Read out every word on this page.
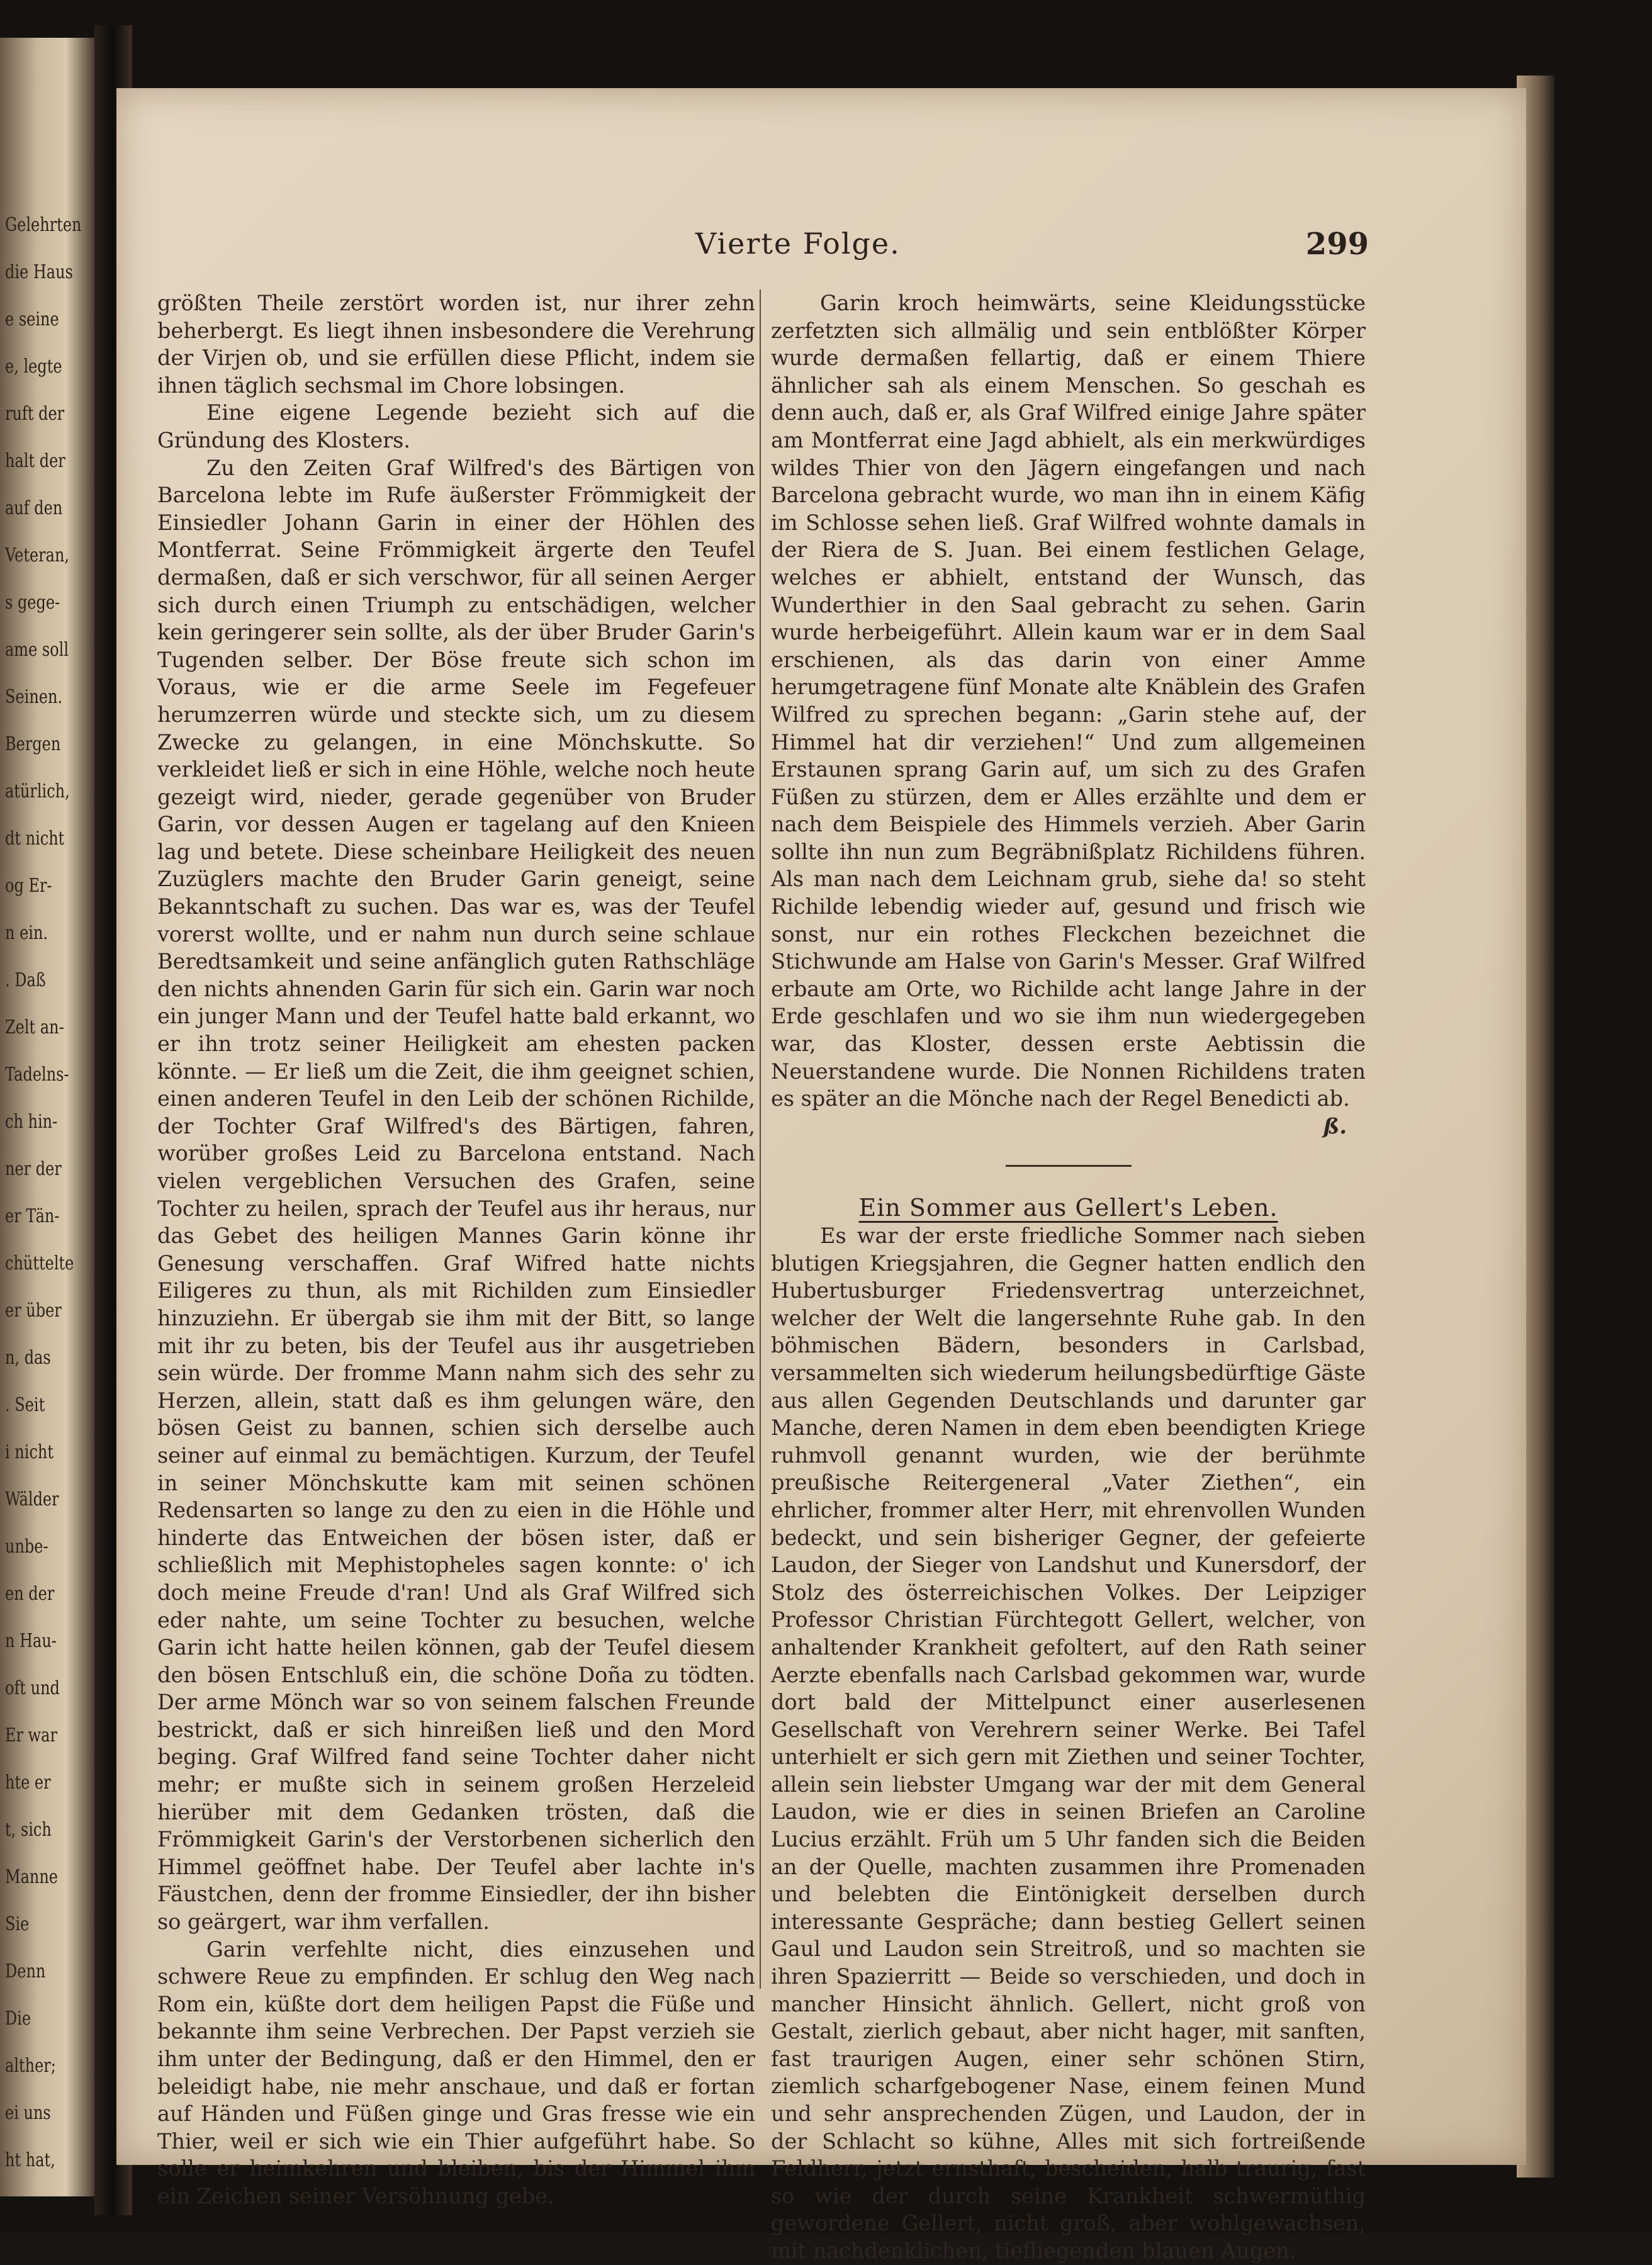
Gelehrten
die Haus
e seine
e, legte
ruft der
halt der
auf den
Veteran,
s gege-
ame soll
Seinen.
Bergen
atürlich,
dt nicht
og Er-
n ein.
. Daß
Zelt an-
Tadelns-
ch hin-
ner der
er Tän-
chüttelte
er über
n, das
. Seit
i nicht
Wälder
unbe-
en der
n Hau-
oft und
Er war
hte er
t, sich
Manne
Sie
Denn
Die
alther;
ei uns
ht hat,
Vierte Folge.	299

größten Theile zerstört worden ist, nur ihrer zehn beherbergt. Es liegt ihnen insbesondere die Verehrung der Virjen ob, und sie erfüllen diese Pflicht, indem sie ihnen täglich sechsmal im Chore lobsingen.

Eine eigene Legende bezieht sich auf die Gründung des Klosters.

Zu den Zeiten Graf Wilfred's des Bärtigen von Barcelona lebte im Rufe äußerster Frömmigkeit der Einsiedler Johann Garin in einer der Höhlen des Montferrat. Seine Frömmigkeit ärgerte den Teufel dermaßen, daß er sich verschwor, für all seinen Aerger sich durch einen Triumph zu entschädigen, welcher kein geringerer sein sollte, als der über Bruder Garin's Tugenden selber. Der Böse freute sich schon im Voraus, wie er die arme Seele im Fegefeuer herumzerren würde und steckte sich, um zu diesem Zwecke zu gelangen, in eine Mönchskutte. So verkleidet ließ er sich in eine Höhle, welche noch heute gezeigt wird, nieder, gerade gegenüber von Bruder Garin, vor dessen Augen er tagelang auf den Knieen lag und betete. Diese scheinbare Heiligkeit des neuen Zuzüglers machte den Bruder Garin geneigt, seine Bekanntschaft zu suchen. Das war es, was der Teufel vorerst wollte, und er nahm nun durch seine schlaue Beredtsamkeit und seine anfänglich guten Rathschläge den nichts ahnenden Garin für sich ein. Garin war noch ein junger Mann und der Teufel hatte bald erkannt, wo er ihn trotz seiner Heiligkeit am ehesten packen könnte. — Er ließ um die Zeit, die ihm geeignet schien, einen anderen Teufel in den Leib der schönen Richilde, der Tochter Graf Wilfred's des Bärtigen, fahren, worüber großes Leid zu Barcelona entstand. Nach vielen vergeblichen Versuchen des Grafen, seine Tochter zu heilen, sprach der Teufel aus ihr heraus, nur das Gebet des heiligen Mannes Garin könne ihr Genesung verschaffen. Graf Wifred hatte nichts Eiligeres zu thun, als mit Richilden zum Einsiedler hinzuziehn. Er übergab sie ihm mit der Bitt, so lange mit ihr zu beten, bis der Teufel aus ihr ausgetrieben sein würde. Der fromme Mann nahm sich des sehr zu Herzen, allein, statt daß es ihm gelungen wäre, den bösen Geist zu bannen, schien sich derselbe auch seiner auf einmal zu bemächtigen. Kurzum, der Teufel in seiner Mönchskutte kam mit seinen schönen Redensarten so lange zu den zu eien in die Höhle und hinderte das Entweichen der bösen ister, daß er schließlich mit Mephistopheles sagen konnte: o' ich doch meine Freude d'ran! Und als Graf Wilfred sich eder nahte, um seine Tochter zu besuchen, welche Garin icht hatte heilen können, gab der Teufel diesem den bösen Entschluß ein, die schöne Doña zu tödten. Der arme Mönch war so von seinem falschen Freunde bestrickt, daß er sich hinreißen ließ und den Mord beging. Graf Wilfred fand seine Tochter daher nicht mehr; er mußte sich in seinem großen Herzeleid hierüber mit dem Gedanken trösten, daß die Frömmigkeit Garin's der Verstorbenen sicherlich den Himmel geöffnet habe. Der Teufel aber lachte in's Fäustchen, denn der fromme Einsiedler, der ihn bisher so geärgert, war ihm verfallen.

Garin verfehlte nicht, dies einzusehen und schwere Reue zu empfinden. Er schlug den Weg nach Rom ein, küßte dort dem heiligen Papst die Füße und bekannte ihm seine Verbrechen. Der Papst verzieh sie ihm unter der Bedingung, daß er den Himmel, den er beleidigt habe, nie mehr anschaue, und daß er fortan auf Händen und Füßen ginge und Gras fresse wie ein Thier, weil er sich wie ein Thier aufgeführt habe. So solle er heimkehren und bleiben, bis der Himmel ihm ein Zeichen seiner Versöhnung gebe.

Garin kroch heimwärts, seine Kleidungsstücke zerfetzten sich allmälig und sein entblößter Körper wurde dermaßen fellartig, daß er einem Thiere ähnlicher sah als einem Menschen. So geschah es denn auch, daß er, als Graf Wilfred einige Jahre später am Montferrat eine Jagd abhielt, als ein merkwürdiges wildes Thier von den Jägern eingefangen und nach Barcelona gebracht wurde, wo man ihn in einem Käfig im Schlosse sehen ließ. Graf Wilfred wohnte damals in der Riera de S. Juan. Bei einem festlichen Gelage, welches er abhielt, entstand der Wunsch, das Wunderthier in den Saal gebracht zu sehen. Garin wurde herbeigeführt. Allein kaum war er in dem Saal erschienen, als das darin von einer Amme herumgetragene fünf Monate alte Knäblein des Grafen Wilfred zu sprechen begann: „Garin stehe auf, der Himmel hat dir verziehen!“ Und zum allgemeinen Erstaunen sprang Garin auf, um sich zu des Grafen Füßen zu stürzen, dem er Alles erzählte und dem er nach dem Beispiele des Himmels verzieh. Aber Garin sollte ihn nun zum Begräbnißplatz Richildens führen. Als man nach dem Leichnam grub, siehe da! so steht Richilde lebendig wieder auf, gesund und frisch wie sonst, nur ein rothes Fleckchen bezeichnet die Stichwunde am Halse von Garin's Messer. Graf Wilfred erbaute am Orte, wo Richilde acht lange Jahre in der Erde geschlafen und wo sie ihm nun wiedergegeben war, das Kloster, dessen erste Aebtissin die Neuerstandene wurde. Die Nonnen Richildens traten es später an die Mönche nach der Regel Benedicti ab.

ß.

Ein Sommer aus Gellert's Leben.

Es war der erste friedliche Sommer nach sieben blutigen Kriegsjahren, die Gegner hatten endlich den Hubertusburger Friedensvertrag unterzeichnet, welcher der Welt die langersehnte Ruhe gab. In den böhmischen Bädern, besonders in Carlsbad, versammelten sich wiederum heilungsbedürftige Gäste aus allen Gegenden Deutschlands und darunter gar Manche, deren Namen in dem eben beendigten Kriege ruhmvoll genannt wurden, wie der berühmte preußische Reitergeneral „Vater Ziethen“, ein ehrlicher, frommer alter Herr, mit ehrenvollen Wunden bedeckt, und sein bisheriger Gegner, der gefeierte Laudon, der Sieger von Landshut und Kunersdorf, der Stolz des österreichischen Volkes. Der Leipziger Professor Christian Fürchtegott Gellert, welcher, von anhaltender Krankheit gefoltert, auf den Rath seiner Aerzte ebenfalls nach Carlsbad gekommen war, wurde dort bald der Mittelpunct einer auserlesenen Gesellschaft von Verehrern seiner Werke. Bei Tafel unterhielt er sich gern mit Ziethen und seiner Tochter, allein sein liebster Umgang war der mit dem General Laudon, wie er dies in seinen Briefen an Caroline Lucius erzählt. Früh um 5 Uhr fanden sich die Beiden an der Quelle, machten zusammen ihre Promenaden und belebten die Eintönigkeit derselben durch interessante Gespräche; dann bestieg Gellert seinen Gaul und Laudon sein Streitroß, und so machten sie ihren Spazierritt — Beide so verschieden, und doch in mancher Hinsicht ähnlich. Gellert, nicht groß von Gestalt, zierlich gebaut, aber nicht hager, mit sanften, fast traurigen Augen, einer sehr schönen Stirn, ziemlich scharfgebogener Nase, einem feinen Mund und sehr ansprechenden Zügen, und Laudon, der in der Schlacht so kühne, Alles mit sich fortreißende Feldherr, jetzt ernsthaft, bescheiden, halb traurig, fast so wie der durch seine Krankheit schwermüthig gewordene Gellert, nicht groß, aber wohlgewachsen, mit nachdenklichen, tiefliegenden blauen Augen.
